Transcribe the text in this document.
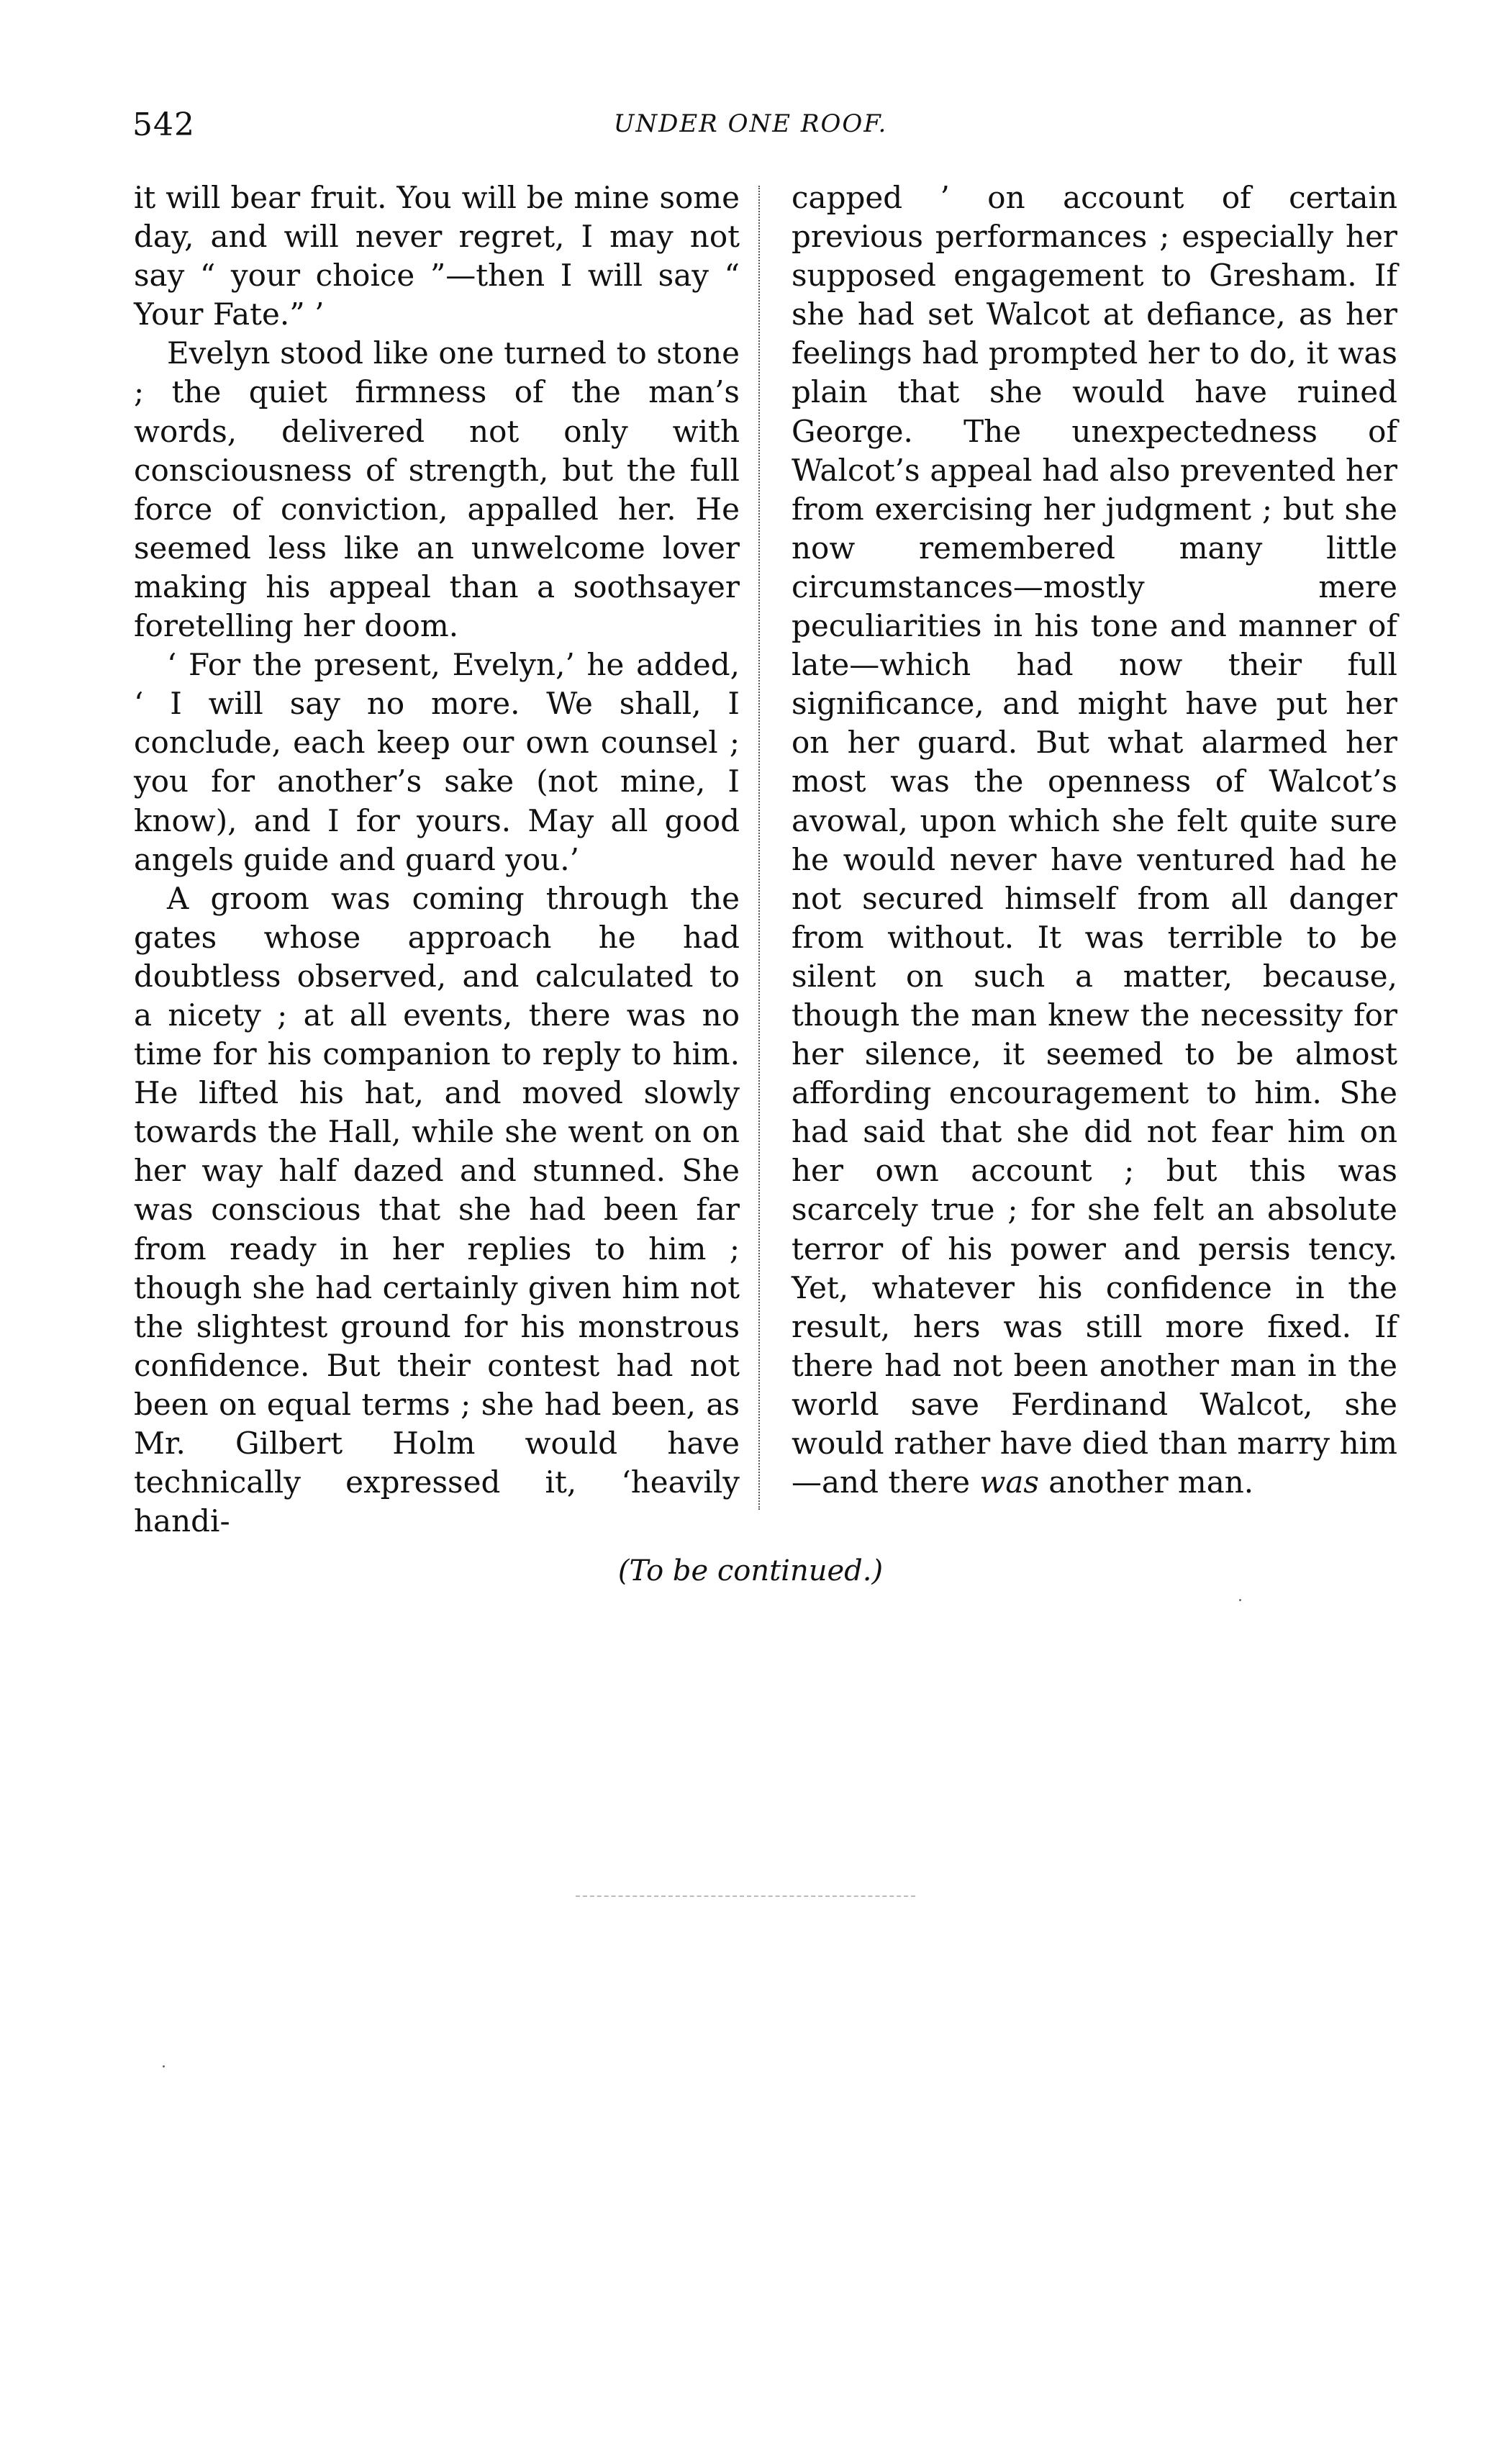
542	UNDER ONE ROOF.

it will bear fruit. You will be mine some day, and will never regret, I may not say “ your choice ”—then I will say “ Your Fate.” ’

Evelyn stood like one turned to stone ; the quiet firmness of the man’s words, delivered not only with consciousness of strength, but the full force of conviction, appalled her. He seemed less like an unwelcome lover making his appeal than a soothsayer foretelling her doom.

‘ For the present, Evelyn,’ he added, ‘ I will say no more. We shall, I conclude, each keep our own counsel ; you for another’s sake (not mine, I know), and I for yours. May all good angels guide and guard you.’

A groom was coming through the gates whose approach he had doubtless observed, and calculated to a nicety ; at all events, there was no time for his companion to reply to him. He lifted his hat, and moved slowly towards the Hall, while she went on on her way half dazed and stunned. She was conscious that she had been far from ready in her replies to him ; though she had certainly given him not the slightest ground for his monstrous confidence. But their contest had not been on equal terms ; she had been, as Mr. Gilbert Holm would have technically expressed it, ‘heavily handi-

capped ’ on account of certain previous performances ; especially her supposed engagement to Gresham. If she had set Walcot at defiance, as her feelings had prompted her to do, it was plain that she would have ruined George. The unexpectedness of Walcot’s appeal had also prevented her from exercising her judgment ; but she now remembered many little circumstances—mostly mere peculiarities in his tone and manner of late—which had now their full significance, and might have put her on her guard. But what alarmed her most was the openness of Walcot’s avowal, upon which she felt quite sure he would never have ventured had he not secured himself from all danger from without. It was terrible to be silent on such a matter, because, though the man knew the necessity for her silence, it seemed to be almost affording encouragement to him. She had said that she did not fear him on her own account ; but this was scarcely true ; for she felt an absolute terror of his power and persis tency. Yet, whatever his confidence in the result, hers was still more fixed. If there had not been another man in the world save Ferdinand Walcot, she would rather have died than marry him—and there was another man.

(To be continued.)
